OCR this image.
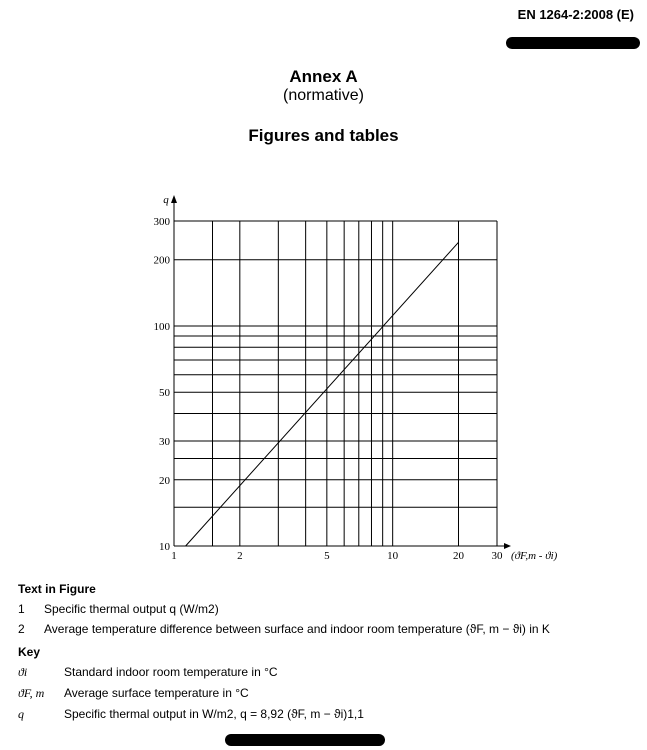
EN 1264-2:2008 (E)
Annex A
(normative)
Figures and tables
1	2	5	10	20	30
10
20
30
50
100
200
300
q
(ϑF,m - ϑi)
Text in Figure
1 Specific thermal output q (W/m2)
2 Average temperature difference between surface and indoor room temperature (ϑF, m − ϑi) in K
Key
ϑi	Standard indoor room temperature in °C
ϑF, m Average surface temperature in °C
q	Specific thermal output in W/m2, q = 8,92 (ϑF, m − ϑi)1,1
